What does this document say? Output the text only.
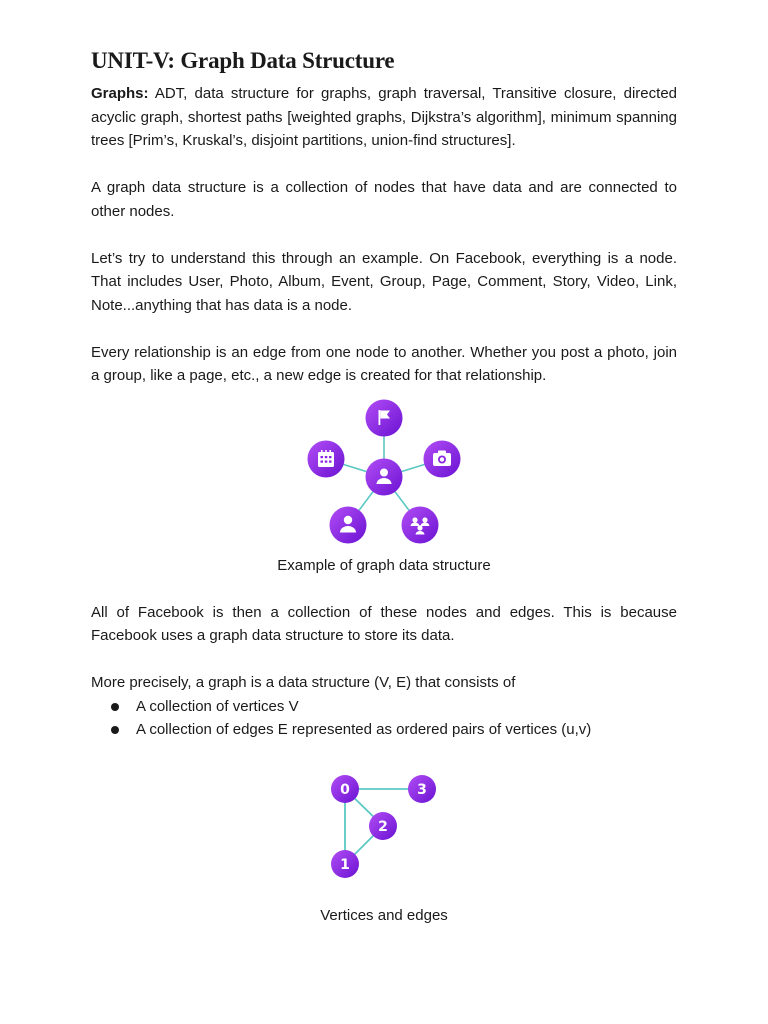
UNIT-V: Graph Data Structure

Graphs: ADT, data structure for graphs, graph traversal, Transitive closure, directed acyclic graph, shortest paths [weighted graphs, Dijkstra’s algorithm], minimum spanning trees [Prim’s, Kruskal’s, disjoint partitions, union-find structures].

A graph data structure is a collection of nodes that have data and are connected to other nodes.

Let’s try to understand this through an example. On Facebook, everything is a node. That includes User, Photo, Album, Event, Group, Page, Comment, Story, Video, Link, Note...anything that has data is a node.

Every relationship is an edge from one node to another. Whether you post a photo, join a group, like a page, etc., a new edge is created for that relationship.

Example of graph data structure

All of Facebook is then a collection of these nodes and edges. This is because Facebook uses a graph data structure to store its data.

More precisely, a graph is a data structure (V, E) that consists of

A collection of vertices V
A collection of edges E represented as ordered pairs of vertices (u,v)
0	3
2
1
Vertices and edges
